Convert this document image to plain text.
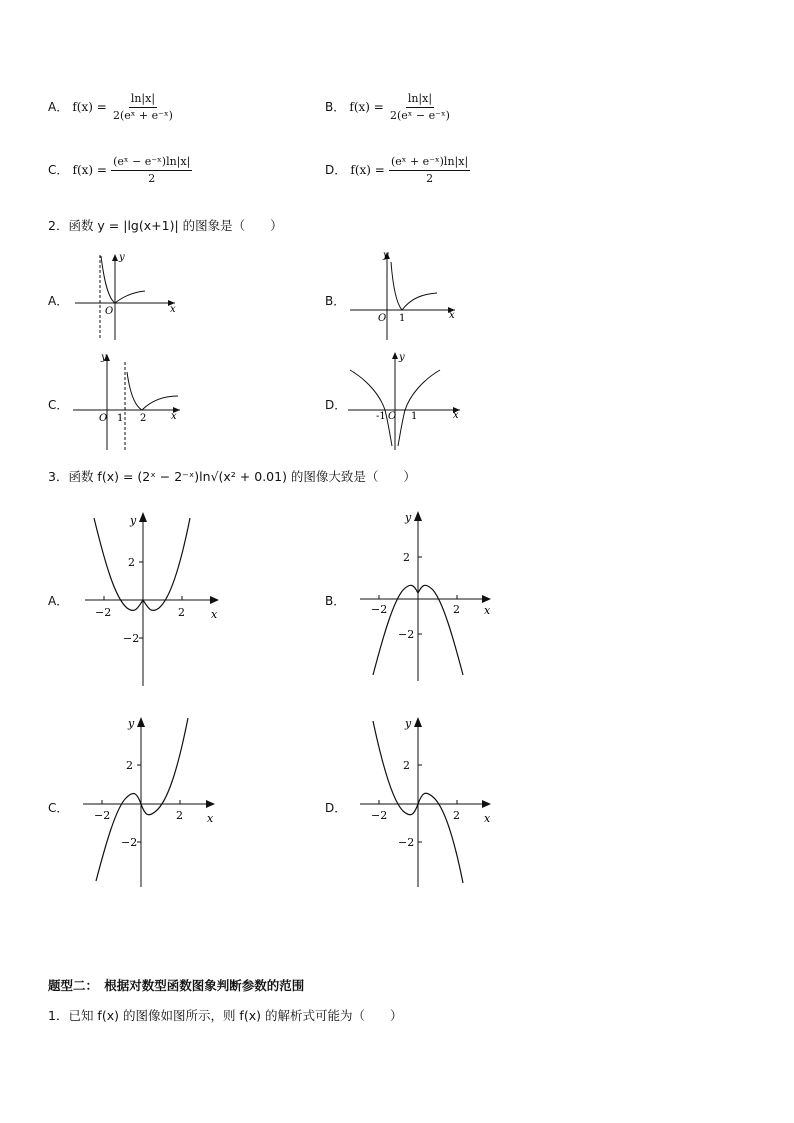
A． $f(x) = \frac{\ln|x|}{\text{2(eˣ + e⁻ˣ)}}$	B． $f(x) = \frac{\ln|x|}{\text{2(eˣ − e⁻ˣ)}}$
C． $f(x) = \frac{\text{(eˣ − e⁻ˣ)ln|x|}}{2}$	D． $f(x) = \frac{\text{(eˣ + e⁻ˣ)ln|x|}}{2}$
2．函数 y = |lg(x+1)| 的图象是（　　）
A．
x
y
O
B．
x
y
O 1
C．
x
y
O 1 2
D．
x
y
O
-1	1
3．函数 f(x) = (2ˣ − 2⁻ˣ)ln√(x² + 0.01) 的图像大致是（　　）
A．
−2	2
2
−2
x
y
B．
−2	2
2
−2
x
y
C．
−2	2
2
−2
x
y
D．
−2	2
2
−2
x
y
题型二：　根据对数型函数图象判断参数的范围
1．已知 f(x) 的图像如图所示，则 f(x) 的解析式可能为（　　）
